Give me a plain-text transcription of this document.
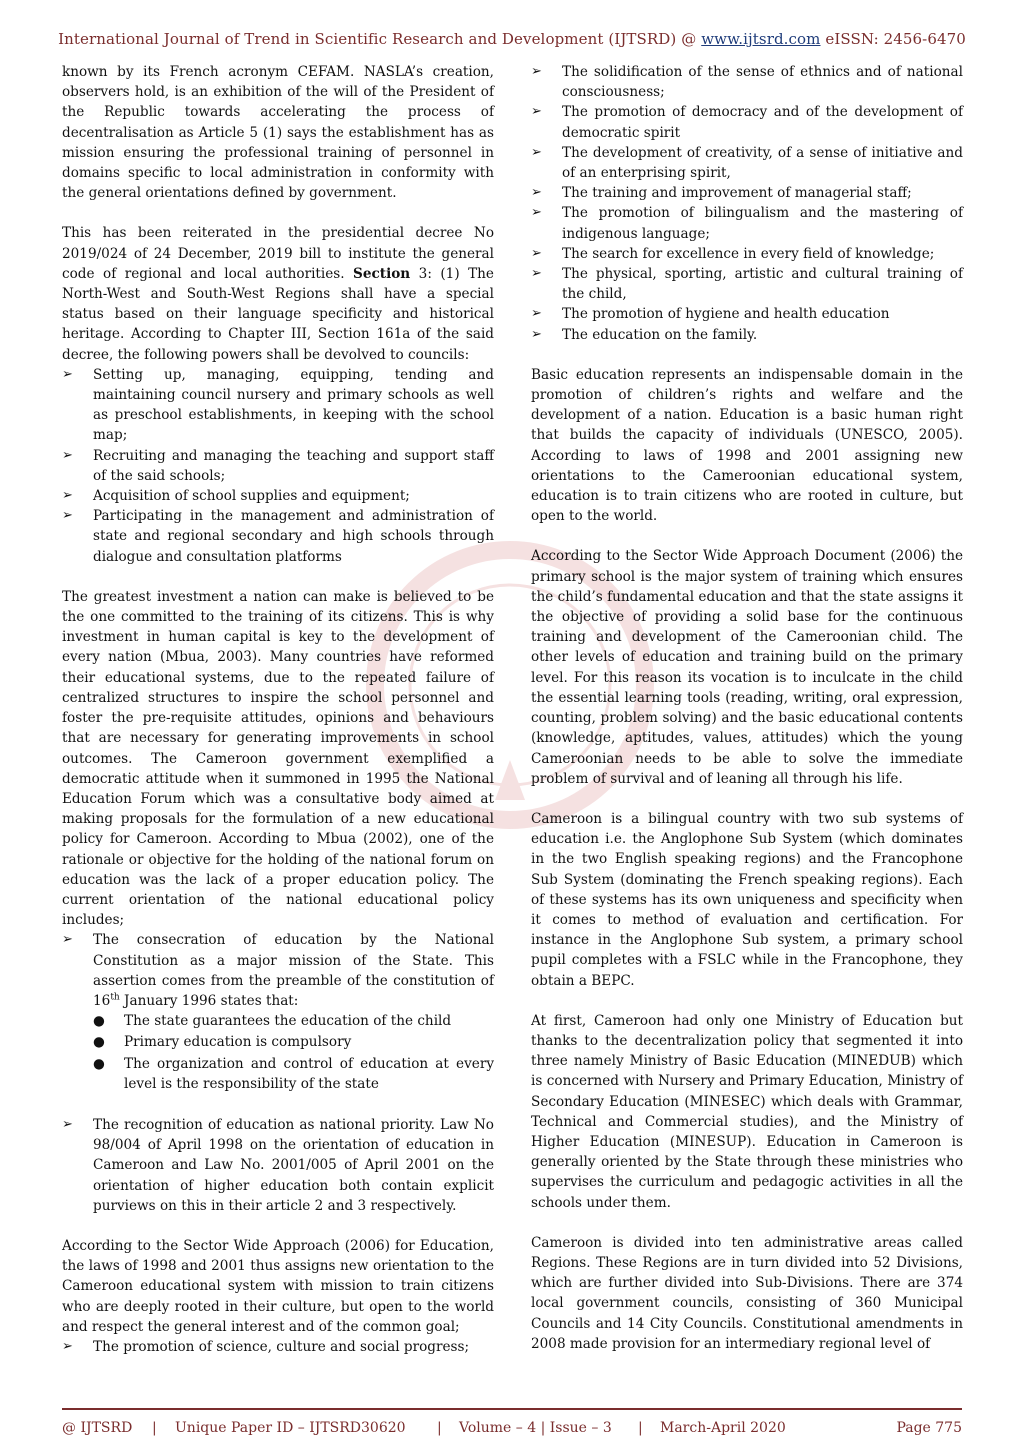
International Journal of Trend in Scientific Research and Development (IJTSRD) @ www.ijtsrd.com eISSN: 2456-6470

known by its French acronym CEFAM. NASLA’s creation, observers hold, is an exhibition of the will of the President of the Republic towards accelerating the process of decentralisation as Article 5 (1) says the establishment has as mission ensuring the professional training of personnel in domains specific to local administration in conformity with the general orientations defined by government.

This has been reiterated in the presidential decree No 2019/024 of 24 December, 2019 bill to institute the general code of regional and local authorities. Section 3: (1) The North-West and South-West Regions shall have a special status based on their language specificity and historical heritage. According to Chapter III, Section 161a of the said decree, the following powers shall be devolved to councils:

➢	Setting up, managing, equipping, tending and maintaining council nursery and primary schools as well as preschool establishments, in keeping with the school map;
➢	Recruiting and managing the teaching and support staff of the said schools;
➢	Acquisition of school supplies and equipment;
➢	Participating in the management and administration of state and regional secondary and high schools through dialogue and consultation platforms

The greatest investment a nation can make is believed to be the one committed to the training of its citizens. This is why investment in human capital is key to the development of every nation (Mbua, 2003). Many countries have reformed their educational systems, due to the repeated failure of centralized structures to inspire the school personnel and foster the pre-requisite attitudes, opinions and behaviours that are necessary for generating improvements in school outcomes. The Cameroon government exemplified a democratic attitude when it summoned in 1995 the National Education Forum which was a consultative body aimed at making proposals for the formulation of a new educational policy for Cameroon. According to Mbua (2002), one of the rationale or objective for the holding of the national forum on education was the lack of a proper education policy. The current orientation of the national educational policy includes;

➢	The consecration of education by the National Constitution as a major mission of the State. This assertion comes from the preamble of the constitution of 16th January 1996 states that:
●	The state guarantees the education of the child
●	Primary education is compulsory
●	The organization and control of education at every level is the responsibility of the state
➢	The recognition of education as national priority. Law No 98/004 of April 1998 on the orientation of education in Cameroon and Law No. 2001/005 of April 2001 on the orientation of higher education both contain explicit purviews on this in their article 2 and 3 respectively.

According to the Sector Wide Approach (2006) for Education, the laws of 1998 and 2001 thus assigns new orientation to the Cameroon educational system with mission to train citizens who are deeply rooted in their culture, but open to the world and respect the general interest and of the common goal;

➢	The promotion of science, culture and social progress;
➢	The solidification of the sense of ethnics and of national consciousness;
➢	The promotion of democracy and of the development of democratic spirit
➢	The development of creativity, of a sense of initiative and of an enterprising spirit,
➢	The training and improvement of managerial staff;
➢	The promotion of bilingualism and the mastering of indigenous language;
➢	The search for excellence in every field of knowledge;
➢	The physical, sporting, artistic and cultural training of the child,
➢	The promotion of hygiene and health education
➢	The education on the family.

Basic education represents an indispensable domain in the promotion of children’s rights and welfare and the development of a nation. Education is a basic human right that builds the capacity of individuals (UNESCO, 2005). According to laws of 1998 and 2001 assigning new orientations to the Cameroonian educational system, education is to train citizens who are rooted in culture, but open to the world.

According to the Sector Wide Approach Document (2006) the primary school is the major system of training which ensures the child’s fundamental education and that the state assigns it the objective of providing a solid base for the continuous training and development of the Cameroonian child. The other levels of education and training build on the primary level. For this reason its vocation is to inculcate in the child the essential learning tools (reading, writing, oral expression, counting, problem solving) and the basic educational contents (knowledge, aptitudes, values, attitudes) which the young Cameroonian needs to be able to solve the immediate problem of survival and of leaning all through his life.

Cameroon is a bilingual country with two sub systems of education i.e. the Anglophone Sub System (which dominates in the two English speaking regions) and the Francophone Sub System (dominating the French speaking regions). Each of these systems has its own uniqueness and specificity when it comes to method of evaluation and certification. For instance in the Anglophone Sub system, a primary school pupil completes with a FSLC while in the Francophone, they obtain a BEPC.

At first, Cameroon had only one Ministry of Education but thanks to the decentralization policy that segmented it into three namely Ministry of Basic Education (MINEDUB) which is concerned with Nursery and Primary Education, Ministry of Secondary Education (MINESEC) which deals with Grammar, Technical and Commercial studies), and the Ministry of Higher Education (MINESUP). Education in Cameroon is generally oriented by the State through these ministries who supervises the curriculum and pedagogic activities in all the schools under them.

Cameroon is divided into ten administrative areas called Regions. These Regions are in turn divided into 52 Divisions, which are further divided into Sub-Divisions. There are 374 local government councils, consisting of 360 Municipal Councils and 14 City Councils. Constitutional amendments in 2008 made provision for an intermediary regional level of

@ IJTSRD | Unique Paper ID – IJTSRD30620 | Volume – 4 | Issue – 3 | March-April 2020	Page 775
